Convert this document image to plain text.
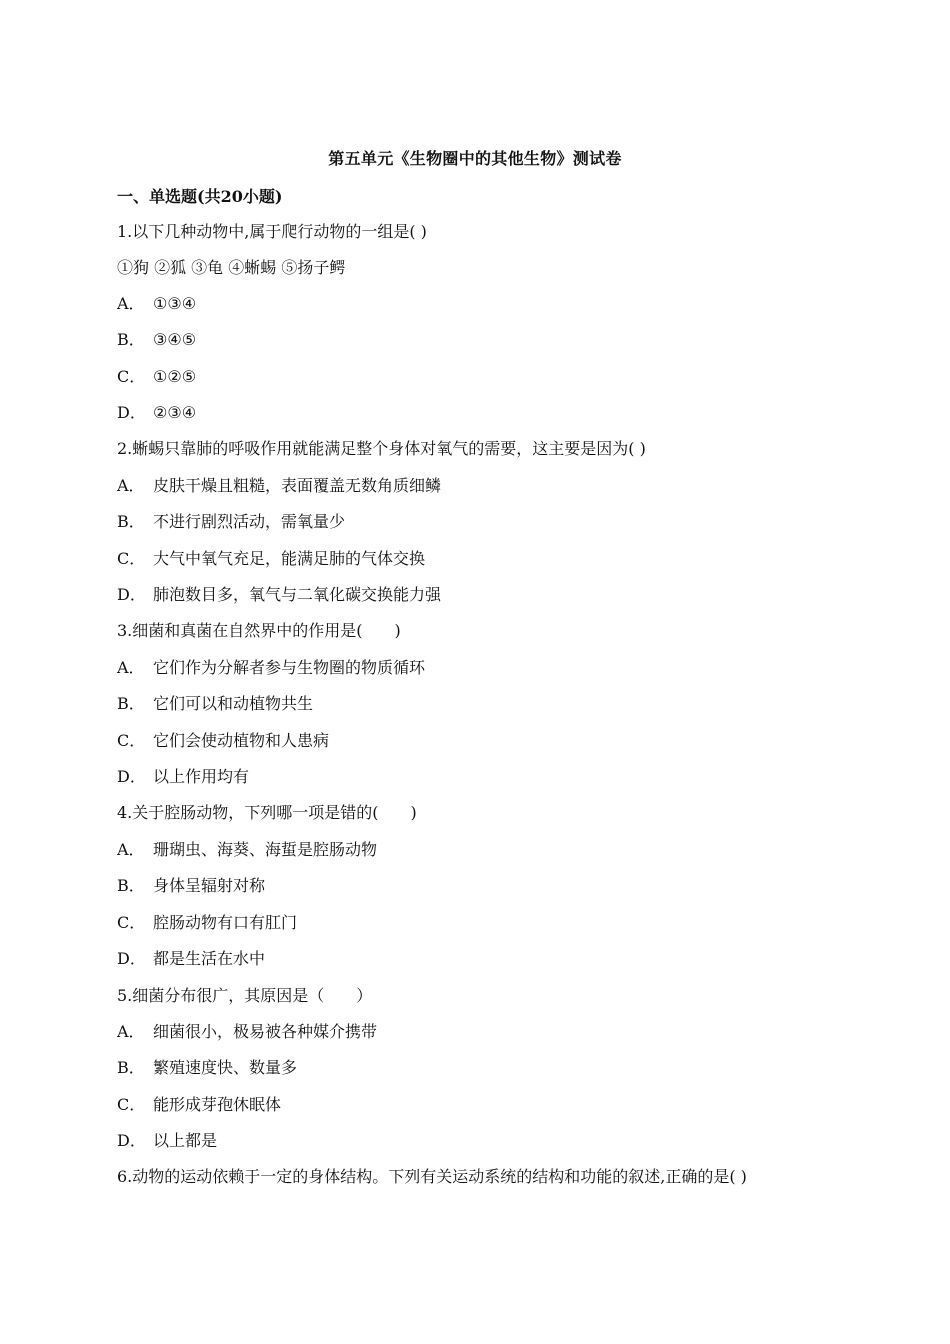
第五单元《生物圈中的其他生物》测试卷
一、单选题(共20小题)
1.以下几种动物中,属于爬行动物的一组是( )
①狗 ②狐 ③龟 ④蜥蜴 ⑤扬子鳄
A． ①③④
B． ③④⑤
C． ①②⑤
D． ②③④
2.蜥蜴只靠肺的呼吸作用就能满足整个身体对氧气的需要，这主要是因为( )
A． 皮肤干燥且粗糙，表面覆盖无数角质细鳞
B． 不进行剧烈活动，需氧量少
C． 大气中氧气充足，能满足肺的气体交换
D． 肺泡数目多，氧气与二氧化碳交换能力强
3.细菌和真菌在自然界中的作用是(　　)
A． 它们作为分解者参与生物圈的物质循环
B． 它们可以和动植物共生
C． 它们会使动植物和人患病
D． 以上作用均有
4.关于腔肠动物，下列哪一项是错的(　　)
A． 珊瑚虫、海葵、海蜇是腔肠动物
B． 身体呈辐射对称
C． 腔肠动物有口有肛门
D． 都是生活在水中
5.细菌分布很广，其原因是（　　）
A． 细菌很小，极易被各种媒介携带
B． 繁殖速度快、数量多
C． 能形成芽孢休眠体
D． 以上都是
6.动物的运动依赖于一定的身体结构。下列有关运动系统的结构和功能的叙述,正确的是( )
